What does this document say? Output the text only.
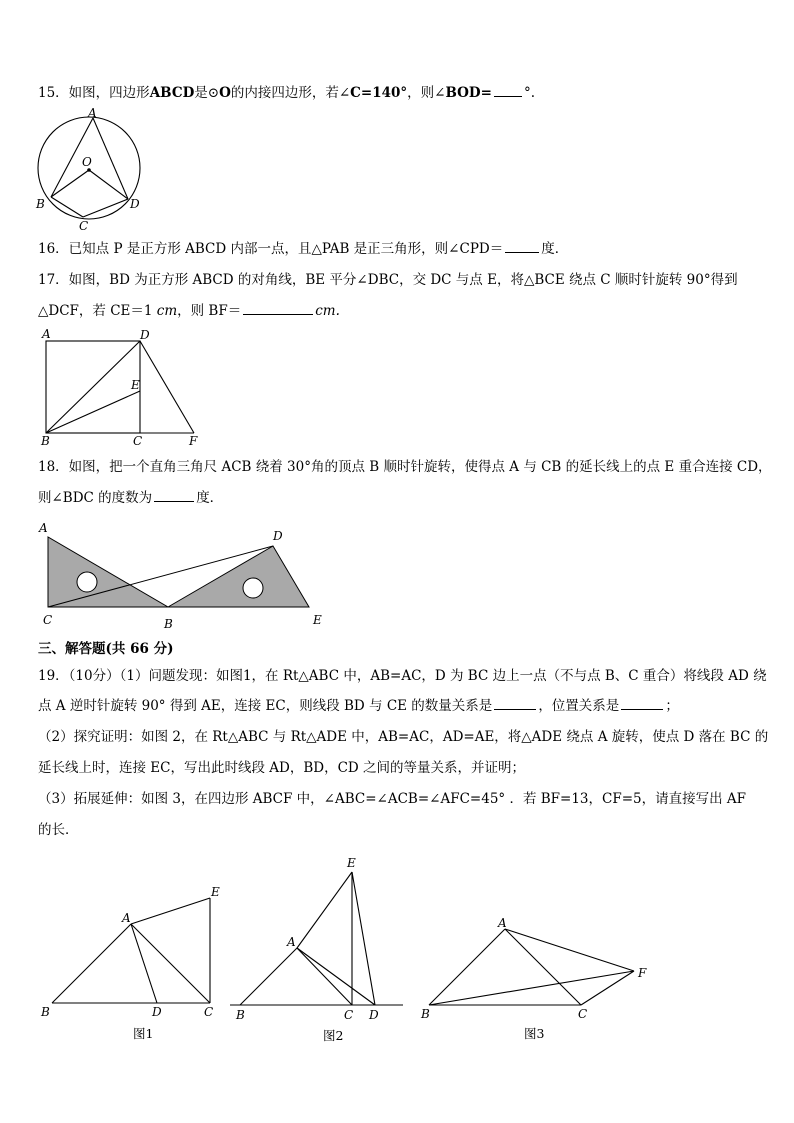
15．如图，四边形ABCD是⊙O的内接四边形，若∠C=140°，则∠BOD= °.
A
O
B
C
D
16．已知点 P 是正方形 ABCD 内部一点，且△PAB 是正三角形，则∠CPD＝	度．
17．如图，BD 为正方形 ABCD 的对角线，BE 平分∠DBC，交 DC 与点 E，将△BCE 绕点 C 顺时针旋转 90°得到
△DCF，若 CE＝1 cm，则 BF＝	cm.
A	D
E
B	C	F
18．如图，把一个直角三角尺 ACB 绕着 30°角的顶点 B 顺时针旋转，使得点 A 与 CB 的延长线上的点 E 重合连接 CD，
则∠BDC 的度数为	度．
A
D
C	B	E
三、解答题(共 66 分)
19．（10分）（1）问题发现：如图1，在 Rt△ABC 中，AB=AC，D 为 BC 边上一点（不与点 B、C 重合）将线段 AD 绕
点 A 逆时针旋转 90° 得到 AE，连接 EC，则线段 BD 与 CE 的数量关系是	，位置关系是	；
（2）探究证明：如图 2，在 Rt△ABC 与 Rt△ADE 中，AB=AC，AD=AE，将△ADE 绕点 A 旋转，使点 D 落在 BC 的
延长线上时，连接 EC，写出此时线段 AD，BD，CD 之间的等量关系，并证明；
（3）拓展延伸：如图 3，在四边形 ABCF 中，∠ABC=∠ACB=∠AFC=45° ．若 BF=13，CF=5，请直接写出 AF
的长．
A
E
B	D	C
图1
E
A
B	C D
图2
A
F
B	C
图3
